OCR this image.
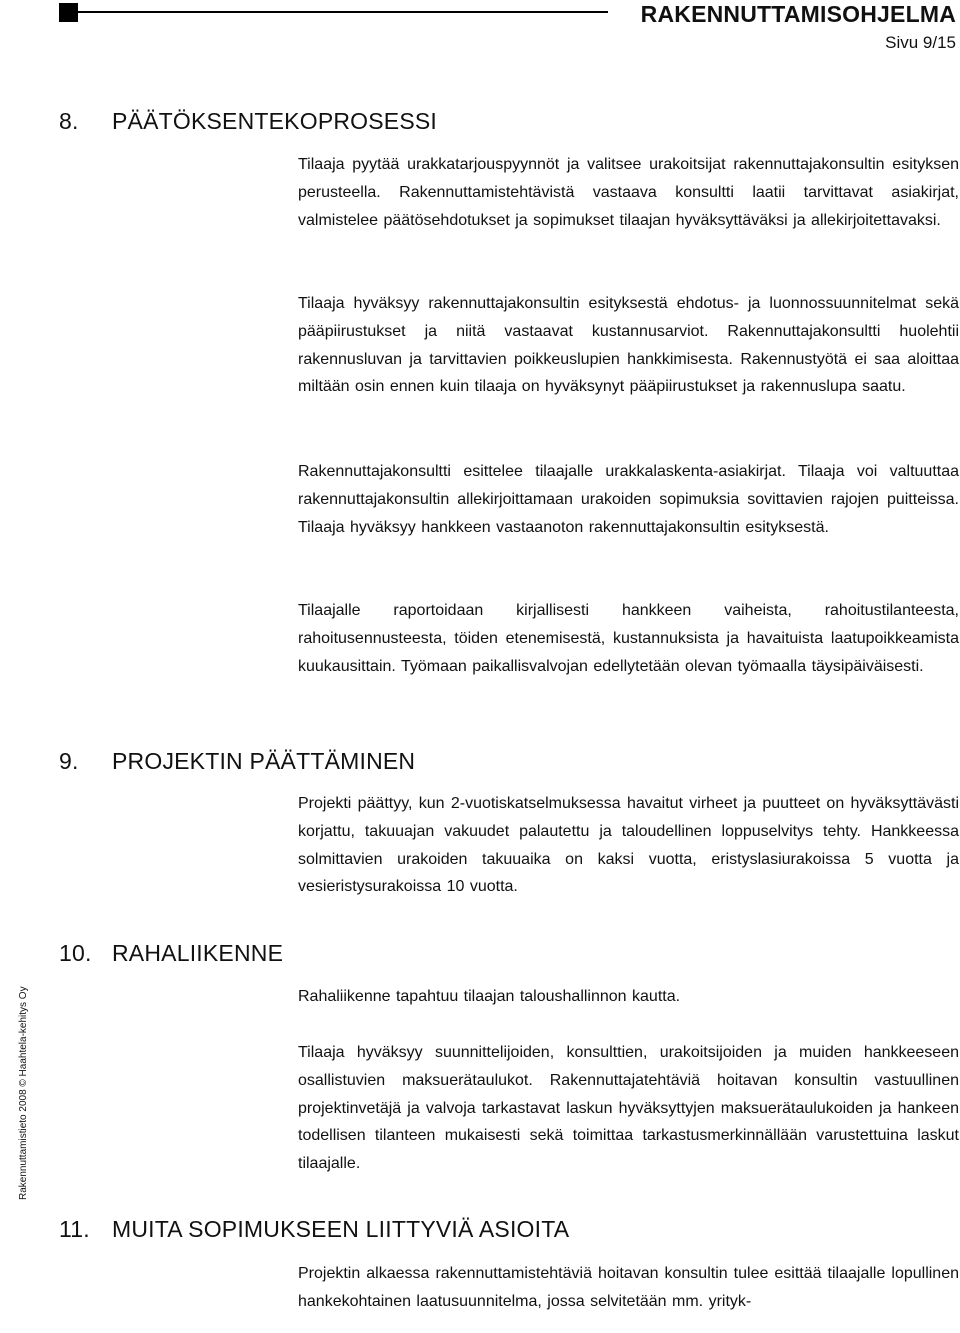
RAKENNUTTAMISOHJELMA
Sivu 9/15
Rakennuttamistieto 2008 © Haahtela-kehitys Oy
8. PÄÄTÖKSENTEKOPROSESSI

Tilaaja pyytää urakkatarjouspyynnöt ja valitsee urakoitsijat rakennuttajakonsultin esityksen perusteella. Rakennuttamistehtävistä vastaava konsultti laatii tarvittavat asiakirjat, valmistelee päätösehdotukset ja sopimukset tilaajan hyväksyttäväksi ja allekirjoitettavaksi.

Tilaaja hyväksyy rakennuttajakonsultin esityksestä ehdotus- ja luonnossuunnitelmat sekä pääpiirustukset ja niitä vastaavat kustannusarviot. Rakennuttajakonsultti huolehtii rakennusluvan ja tarvittavien poikkeuslupien hankkimisesta. Rakennustyötä ei saa aloittaa miltään osin ennen kuin tilaaja on hyväksynyt pääpiirustukset ja rakennuslupa saatu.

Rakennuttajakonsultti esittelee tilaajalle urakkalaskenta-asiakirjat. Tilaaja voi valtuuttaa rakennuttajakonsultin allekirjoittamaan urakoiden sopimuksia sovittavien rajojen puitteissa. Tilaaja hyväksyy hankkeen vastaanoton rakennuttajakonsultin esityksestä.

Tilaajalle raportoidaan kirjallisesti hankkeen vaiheista, rahoitustilanteesta, rahoitusennusteesta, töiden etenemisestä, kustannuksista ja havaituista laatupoikkeamista kuukausittain. Työmaan paikallisvalvojan edellytetään olevan työmaalla täysipäiväisesti.

9. PROJEKTIN PÄÄTTÄMINEN

Projekti päättyy, kun 2-vuotiskatselmuksessa havaitut virheet ja puutteet on hyväksyttävästi korjattu, takuuajan vakuudet palautettu ja taloudellinen loppuselvitys tehty. Hankkeessa solmittavien urakoiden takuuaika on kaksi vuotta, eristyslasiurakoissa 5 vuotta ja vesieristysurakoissa 10 vuotta.

10. RAHALIIKENNE

Rahaliikenne tapahtuu tilaajan taloushallinnon kautta.

Tilaaja hyväksyy suunnittelijoiden, konsulttien, urakoitsijoiden ja muiden hankkeeseen osallistuvien maksuerätaulukot. Rakennuttajatehtäviä hoitavan konsultin vastuullinen projektinvetäjä ja valvoja tarkastavat laskun hyväksyttyjen maksuerätaulukoiden ja hankeen todellisen tilanteen mukaisesti sekä toimittaa tarkastusmerkinnällään varustettuina laskut tilaajalle.

11. MUITA SOPIMUKSEEN LIITTYVIÄ ASIOITA

Projektin alkaessa rakennuttamistehtäviä hoitavan konsultin tulee esittää tilaajalle lopullinen hankekohtainen laatusuunnitelma, jossa selvitetään mm. yrityk-
